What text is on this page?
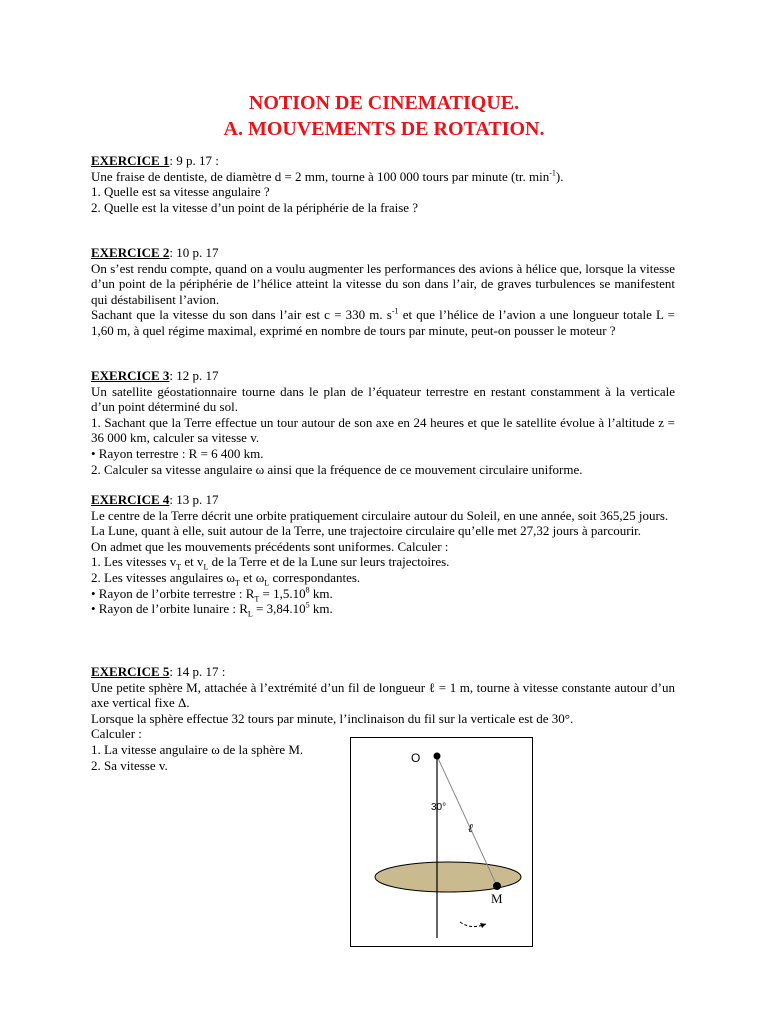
NOTION DE CINEMATIQUE.
A. MOUVEMENTS DE ROTATION.

EXERCICE 1: 9 p. 17 :

Une fraise de dentiste, de diamètre d = 2 mm, tourne à 100 000 tours par minute (tr. $\min^{-1}$).

1. Quelle est sa vitesse angulaire ?

2. Quelle est la vitesse d’un point de la périphérie de la fraise ?

EXERCICE 2: 10 p. 17

On s’est rendu compte, quand on a voulu augmenter les performances des avions à hélice que, lorsque la vitesse d’un point de la périphérie de l’hélice atteint la vitesse du son dans l’air, de graves turbulences se manifestent qui déstabilisent l’avion.

Sachant que la vitesse du son dans l’air est c = 330 m. $s^{-1}$ et que l’hélice de l’avion a une longueur totale L = 1,60 m, à quel régime maximal, exprimé en nombre de tours par minute, peut-on pousser le moteur ?

EXERCICE 3: 12 p. 17

Un satellite géostationnaire tourne dans le plan de l’équateur terrestre en restant constamment à la verticale d’un point déterminé du sol.

1. Sachant que la Terre effectue un tour autour de son axe en 24 heures et que le satellite évolue à l’altitude z = 36 000 km, calculer sa vitesse v.

• Rayon terrestre : R = 6 400 km.

2. Calculer sa vitesse angulaire ω ainsi que la fréquence de ce mouvement circulaire uniforme.

EXERCICE 4: 13 p. 17

Le centre de la Terre décrit une orbite pratiquement circulaire autour du Soleil, en une année, soit 365,25 jours.

La Lune, quant à elle, suit autour de la Terre, une trajectoire circulaire qu’elle met 27,32 jours à parcourir.

On admet que les mouvements précédents sont uniformes. Calculer :

1. Les vitesses $v_T$ et $v_L$ de la Terre et de la Lune sur leurs trajectoires.

2. Les vitesses angulaires $\omega_T$ et $\omega_L$ correspondantes.

• Rayon de l’orbite terrestre : $R_T = 1,5.10^8$ km.

• Rayon de l’orbite lunaire : $R_L = 3,84.10^5$ km.

EXERCICE 5: 14 p. 17 :

Une petite sphère M, attachée à l’extrémité d’un fil de longueur ℓ = 1 m, tourne à vitesse constante autour d’un axe vertical fixe Δ.

Lorsque la sphère effectue 32 tours par minute, l’inclinaison du fil sur la verticale est de 30°.

Calculer :

1. La vitesse angulaire ω de la sphère M.

2. Sa vitesse v.	O
30°
ℓ
M
